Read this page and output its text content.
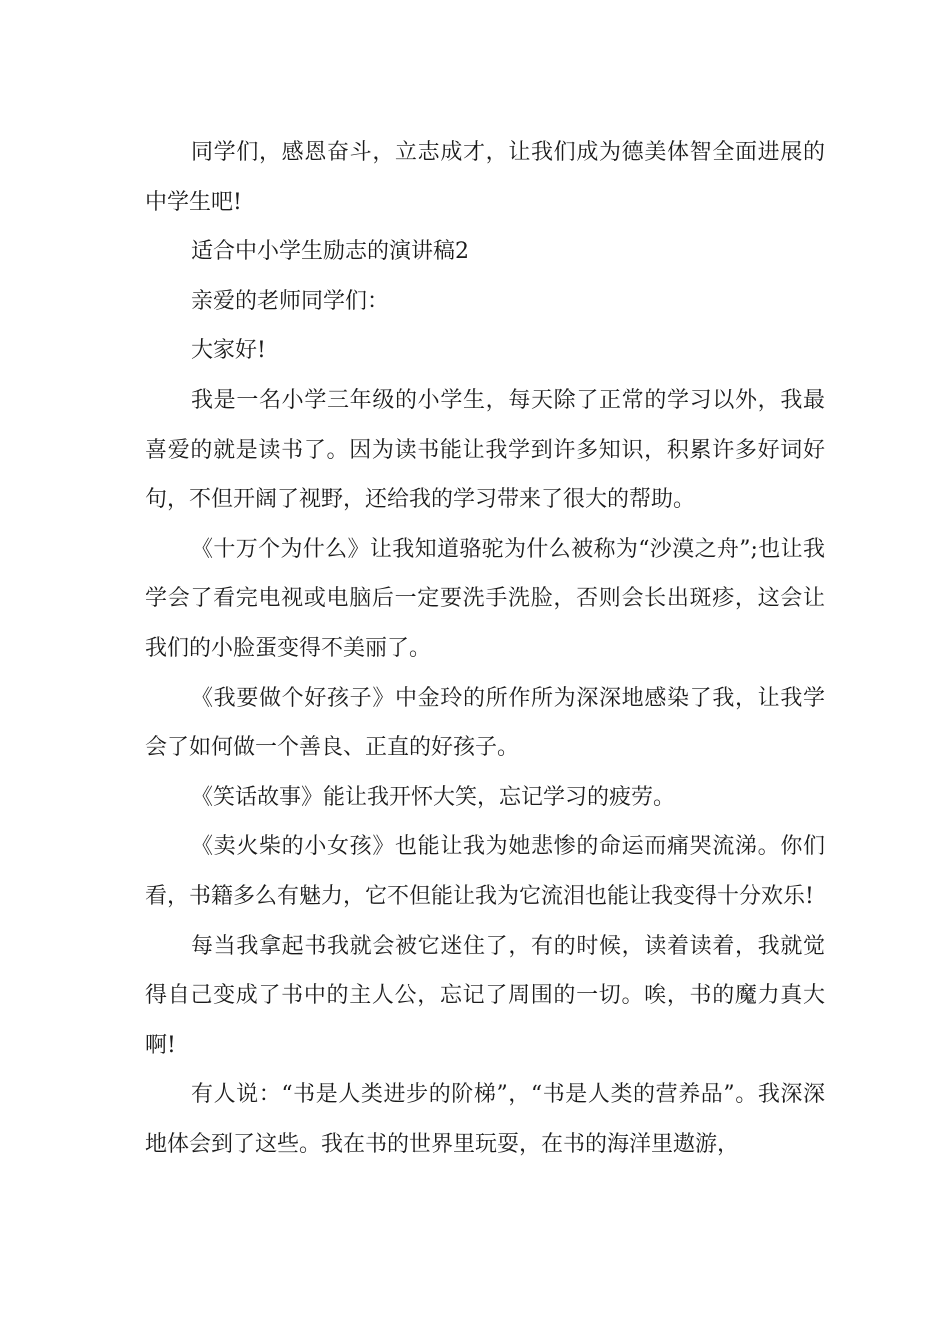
同学们，感恩奋斗，立志成才，让我们成为德美体智全面进展的中学生吧!

适合中小学生励志的演讲稿2

亲爱的老师同学们：

大家好!

我是一名小学三年级的小学生，每天除了正常的学习以外，我最喜爱的就是读书了。因为读书能让我学到许多知识，积累许多好词好句，不但开阔了视野，还给我的学习带来了很大的帮助。

《十万个为什么》让我知道骆驼为什么被称为“沙漠之舟”;也让我学会了看完电视或电脑后一定要洗手洗脸，否则会长出斑疹，这会让我们的小脸蛋变得不美丽了。

《我要做个好孩子》中金玲的所作所为深深地感染了我，让我学会了如何做一个善良、正直的好孩子。

《笑话故事》能让我开怀大笑，忘记学习的疲劳。

《卖火柴的小女孩》也能让我为她悲惨的命运而痛哭流涕。你们看，书籍多么有魅力，它不但能让我为它流泪也能让我变得十分欢乐!

每当我拿起书我就会被它迷住了，有的时候，读着读着，我就觉得自己变成了书中的主人公，忘记了周围的一切。唉，书的魔力真大啊!

有人说：“书是人类进步的阶梯”，“书是人类的营养品”。我深深地体会到了这些。我在书的世界里玩耍，在书的海洋里遨游，
